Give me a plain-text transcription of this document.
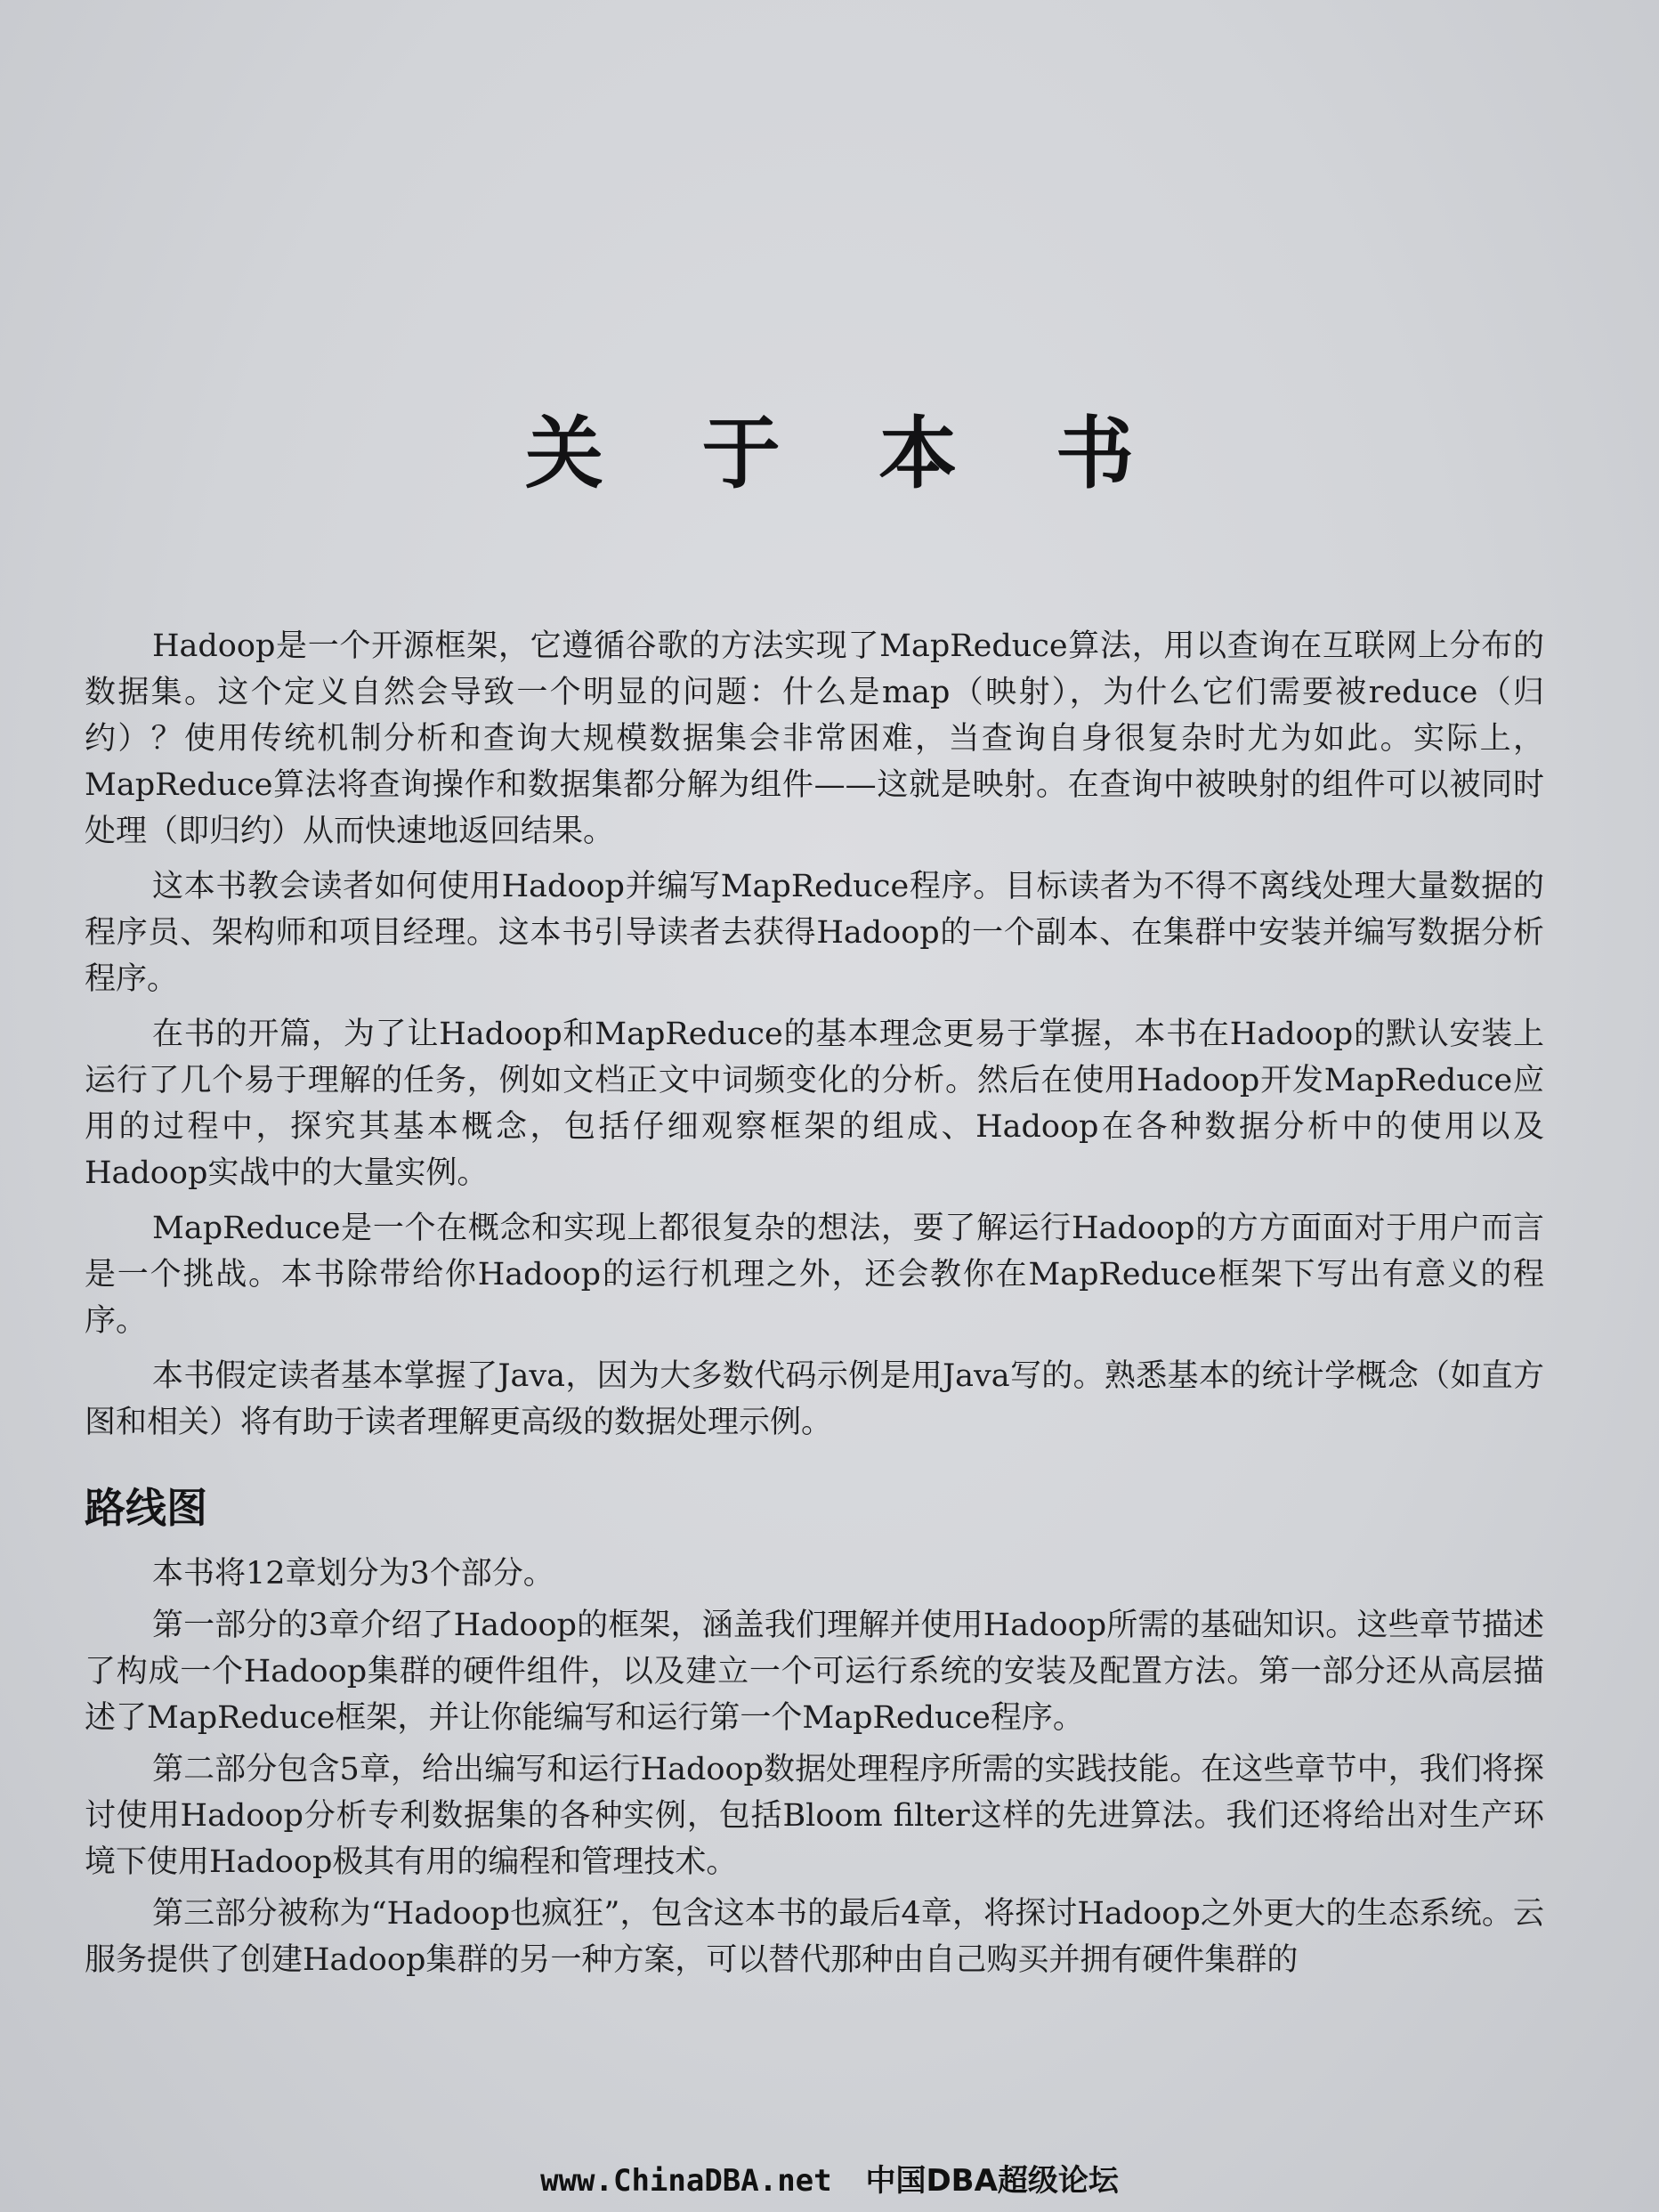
关 于 本 书

Hadoop是一个开源框架，它遵循谷歌的方法实现了MapReduce算法，用以查询在互联网上分布的数据集。这个定义自然会导致一个明显的问题：什么是map（映射），为什么它们需要被reduce（归约）？使用传统机制分析和查询大规模数据集会非常困难，当查询自身很复杂时尤为如此。实际上，MapReduce算法将查询操作和数据集都分解为组件——这就是映射。在查询中被映射的组件可以被同时处理（即归约）从而快速地返回结果。

这本书教会读者如何使用Hadoop并编写MapReduce程序。目标读者为不得不离线处理大量数据的程序员、架构师和项目经理。这本书引导读者去获得Hadoop的一个副本、在集群中安装并编写数据分析程序。

在书的开篇，为了让Hadoop和MapReduce的基本理念更易于掌握，本书在Hadoop的默认安装上运行了几个易于理解的任务，例如文档正文中词频变化的分析。然后在使用Hadoop开发MapReduce应用的过程中，探究其基本概念，包括仔细观察框架的组成、Hadoop在各种数据分析中的使用以及Hadoop实战中的大量实例。

MapReduce是一个在概念和实现上都很复杂的想法，要了解运行Hadoop的方方面面对于用户而言是一个挑战。本书除带给你Hadoop的运行机理之外，还会教你在MapReduce框架下写出有意义的程序。

本书假定读者基本掌握了Java，因为大多数代码示例是用Java写的。熟悉基本的统计学概念（如直方图和相关）将有助于读者理解更高级的数据处理示例。

路线图

本书将12章划分为3个部分。

第一部分的3章介绍了Hadoop的框架，涵盖我们理解并使用Hadoop所需的基础知识。这些章节描述了构成一个Hadoop集群的硬件组件，以及建立一个可运行系统的安装及配置方法。第一部分还从高层描述了MapReduce框架，并让你能编写和运行第一个MapReduce程序。

第二部分包含5章，给出编写和运行Hadoop数据处理程序所需的实践技能。在这些章节中，我们将探讨使用Hadoop分析专利数据集的各种实例，包括Bloom filter这样的先进算法。我们还将给出对生产环境下使用Hadoop极其有用的编程和管理技术。

第三部分被称为“Hadoop也疯狂”，包含这本书的最后4章，将探讨Hadoop之外更大的生态系统。云服务提供了创建Hadoop集群的另一种方案，可以替代那种由自己购买并拥有硬件集群的

www.ChinaDBA.net 中国DBA超级论坛
